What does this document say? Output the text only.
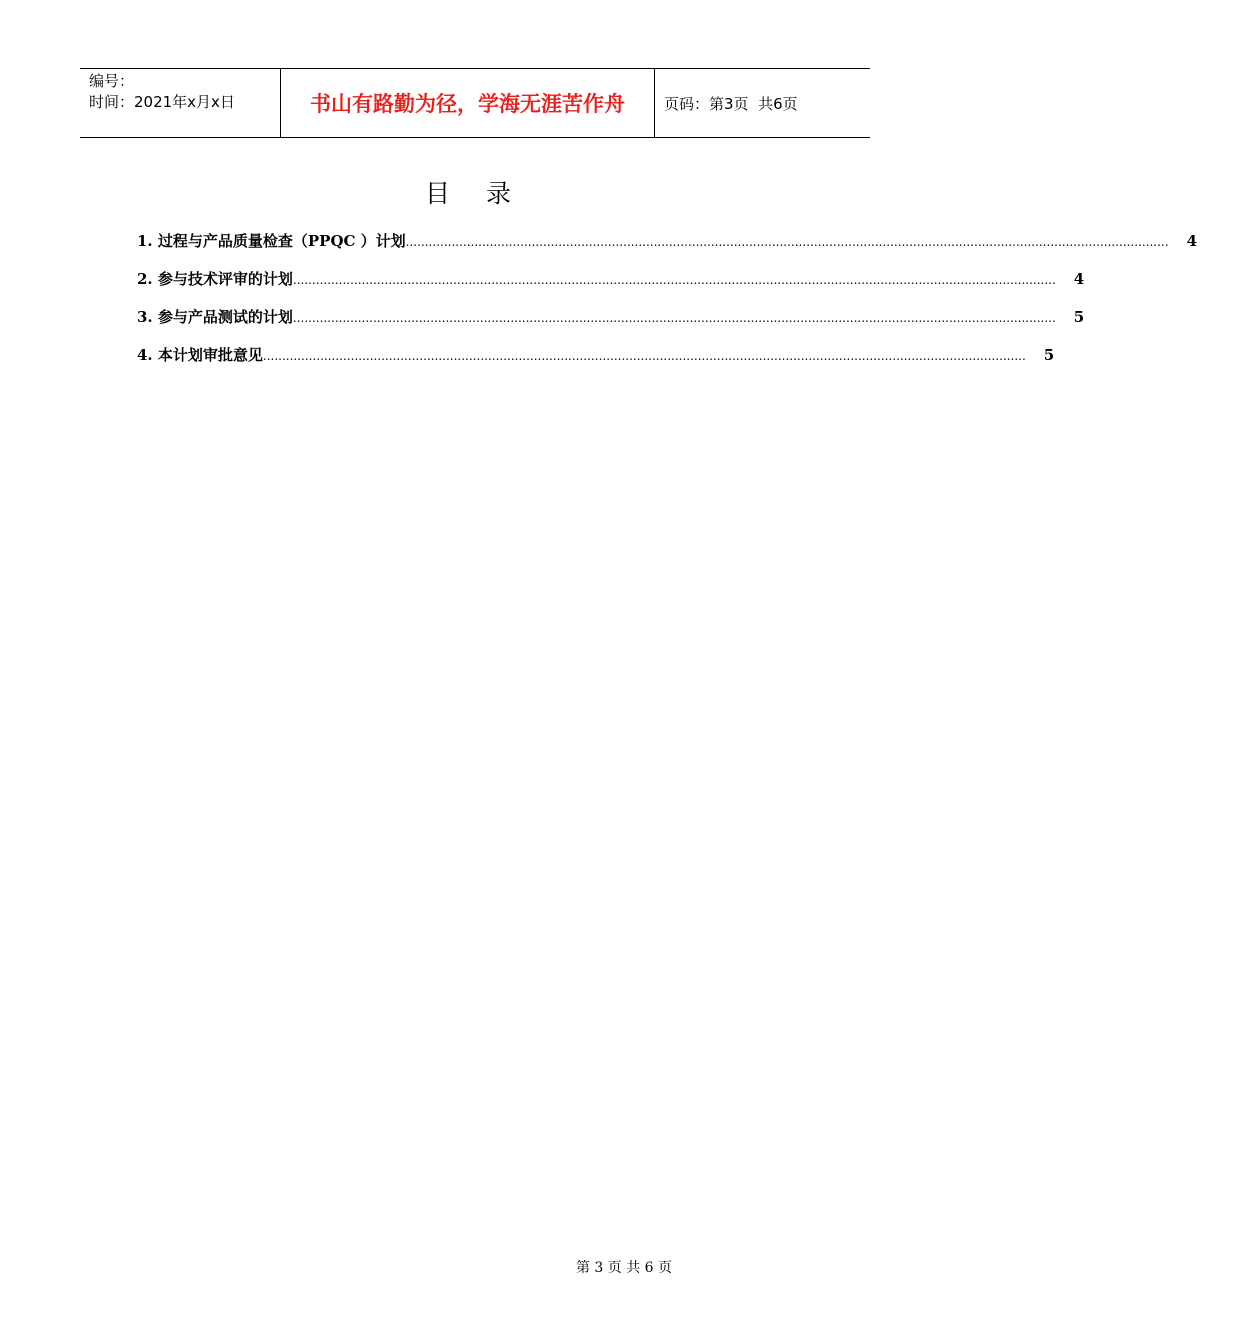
编号：
时间：2021年x月x日	书山有路勤为径，学海无涯苦作舟	页码：第3页  共6页
目 录
1. 过程与产品质量检查（PPQC ）计划 ........................................................................................................................................................................................................ 4
2. 参与技术评审的计划 ........................................................................................................................................................................................................ 4
3. 参与产品测试的计划 ........................................................................................................................................................................................................ 5
4. 本计划审批意见 ........................................................................................................................................................................................................ 5
第 3 页 共 6 页
